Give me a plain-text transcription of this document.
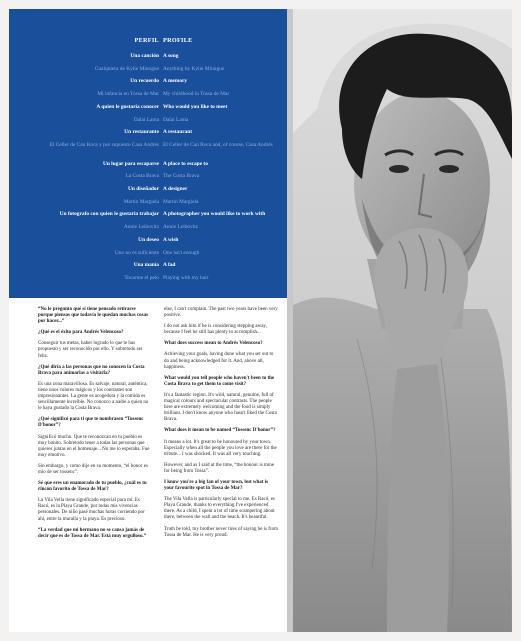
PERFIL PROFILE
Una canción A song
Cualquiera de Kylie Minogue Anything by Kylie Minogue
Un recuerdo A memory
Mi infancia en Tossa de Mar My childhood in Tossa de Mar
A quien le gustaría conocer Who would you like to meet
Dalai Lama Dalai Lama
Un restaurante A restaurant
El Celler de Can Roca y por supuesto Casa Andrés El Celler de Can Roca and, of course, Casa Andrés
Un lugar para escaparse A place to escape to
La Costa Brava The Costa Brava
Un diseñador A designer
Martin Margiela Martin Margiela
Un fotografo con quien le gustaria trabajar A photographer you would like to work with
Annie Leibovitz Annie Leibovitz
Un deseo A wish
Uno no es suficiente One isn't enough
Una manía A fad
Tocarme el pelo Playing with my hair

“No le pregunto qué si tiene pensado retirarse porque piensas que todavía le quedan muchas cosas por hacer...”

¿Qué es el éxito para Andrés Velencoso?

Conseguir tus metas, haber logrado lo que te has propuesto y ser reconocido por ello. Y sobretodo ser feliz.

¿Qué diría a las personas que no conocen la Costa Brava para animarlas a visitarla?

Es una zona maravillosa. Es salvaje, natural, auténtica, tiene unos colores mágicos y los contrastes son impresionantes. La gente es acogedora y la comida es sencillamente increíble. No conozco a nadie a quien no le haya gustado la Costa Brava.

¿Qué significó para ti que te nombrasen “Tossenc D'honor”?

Significó mucho. Que te reconozcan en tu pueblo es muy bonito. Sobretodo tener a todas las personas que quieres juntas en el homenaje... No me lo esperaba. Fue muy emotivo.

Sin embargo, y como dije en su momento, “el honor es mío de ser tossenc”.

Sé que eres un enamorado de tu pueblo, ¿cuál es tu rincón favorito de Tossa de Mar?

La Vila Vella tiene significado especial para mí. Es Racó, es la Playa Grande, por todas mis vivencias personales. De niño pasé muchas horas corriendo por ahí, entre la muralla y la playa. Es precioso.

“La verdad que mi hermano no se cansa jamás de decir que es de Tossa de Mar. Está muy orgulloso.”

else, I can't complain. The past two years have been very positive.

I do not ask him if he is considering stepping away, because I feel he still has plenty to accomplish...

What does success mean to Andrés Velencoso?

Achieving your goals, having done what you set out to do and being acknowledged for it. And, above all, happiness.

What would you tell people who haven't been to the Costa Brava to get them to come visit?

It's a fantastic region. It's wild, natural, genuine, full of magical colours and spectacular contrasts. The people here are extremely welcoming and the food is simply brilliant. I don't know anyone who hasn't liked the Costa Brava.

What does it mean to be named “Tossenc D'honor”?

It means a lot. It's great to be honoured by your town. Especially when all the people you love are there for the tribute... I was shocked. It was all very touching.

However, and as I said at the time, “the honour is mine for being from Tossa”.

I know you're a big fan of your town, but what is your favourite spot in Tossa de Mar?

The Vila Vella is particularly special to me. Es Racó, es Playa Grande, thanks to everything I've experienced there. As a child, I spent a lot of time scampering about there, between the wall and the beach. It's beautiful.

Truth be told, my brother never tires of saying he is from Tossa de Mar. He is very proud.
